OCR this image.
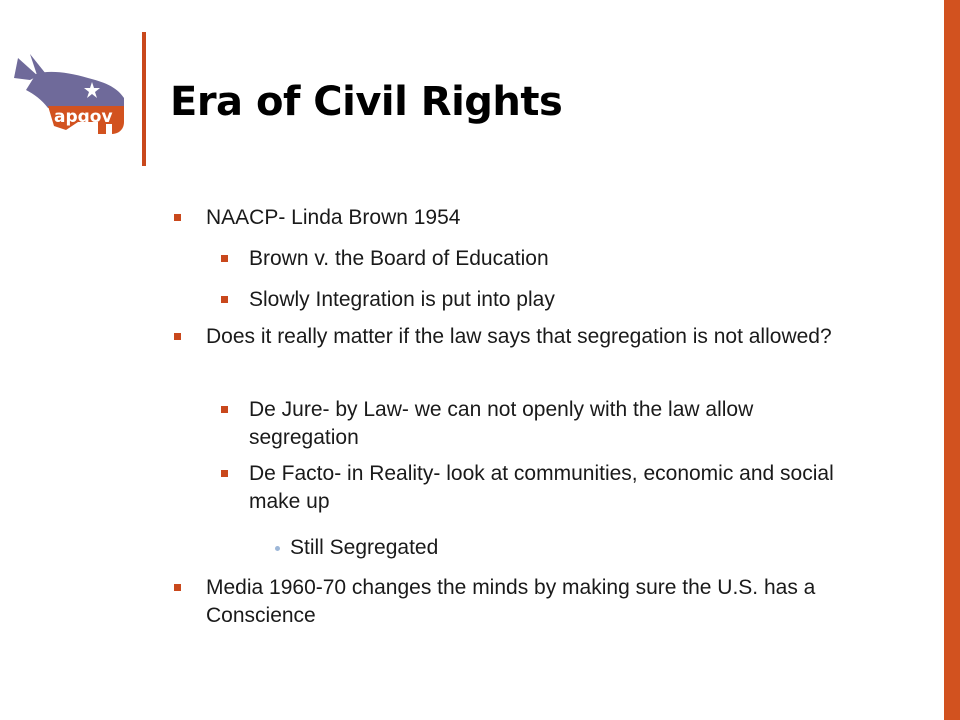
apgov Era of Civil Rights
NAACP- Linda Brown 1954
Brown v. the Board of Education
Slowly Integration is put into play
Does it really matter if the law says that segregation is not allowed?
De Jure- by Law- we can not openly with the law allow segregation
De Facto- in Reality- look at communities, economic and social make up
Still Segregated
Media 1960-70 changes the minds by making sure the U.S. has a Conscience
